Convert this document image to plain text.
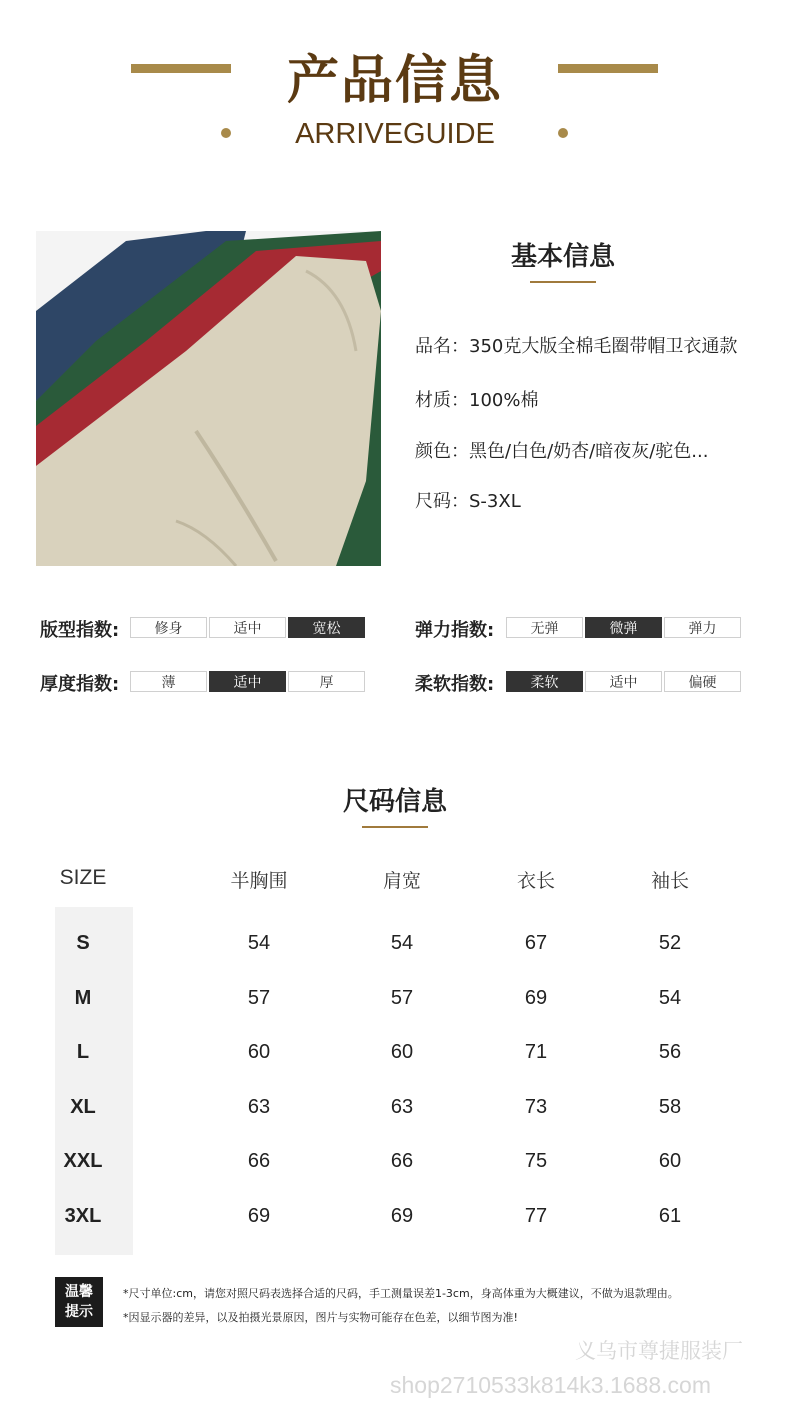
产品信息
ARRIVEGUIDE
基本信息
品名：350克大版全棉毛圈带帽卫衣通款
材质：100%棉
颜色：黑色/白色/奶杏/暗夜灰/驼色...
尺码：S-3XL
版型指数:	修身	适中	宽松	弹力指数:	无弹	微弹	弹力
厚度指数:	薄	适中	厚	柔软指数:	柔软	适中	偏硬
尺码信息
SIZE	半胸围	肩宽	衣长	袖长
S	54	54	67	52
M	57	57	69	54
L	60	60	71	56
XL	63	63	73	58
XXL	66	66	75	60
3XL	69	69	77	61
温馨
提示
*尺寸单位:cm，请您对照尺码表选择合适的尺码，手工测量误差1-3cm，身高体重为大概建议，不做为退款理由。
*因显示器的差异，以及拍摄光景原因，图片与实物可能存在色差，以细节图为准!
义乌市尊捷服装厂
shop2710533k814k3.1688.com
